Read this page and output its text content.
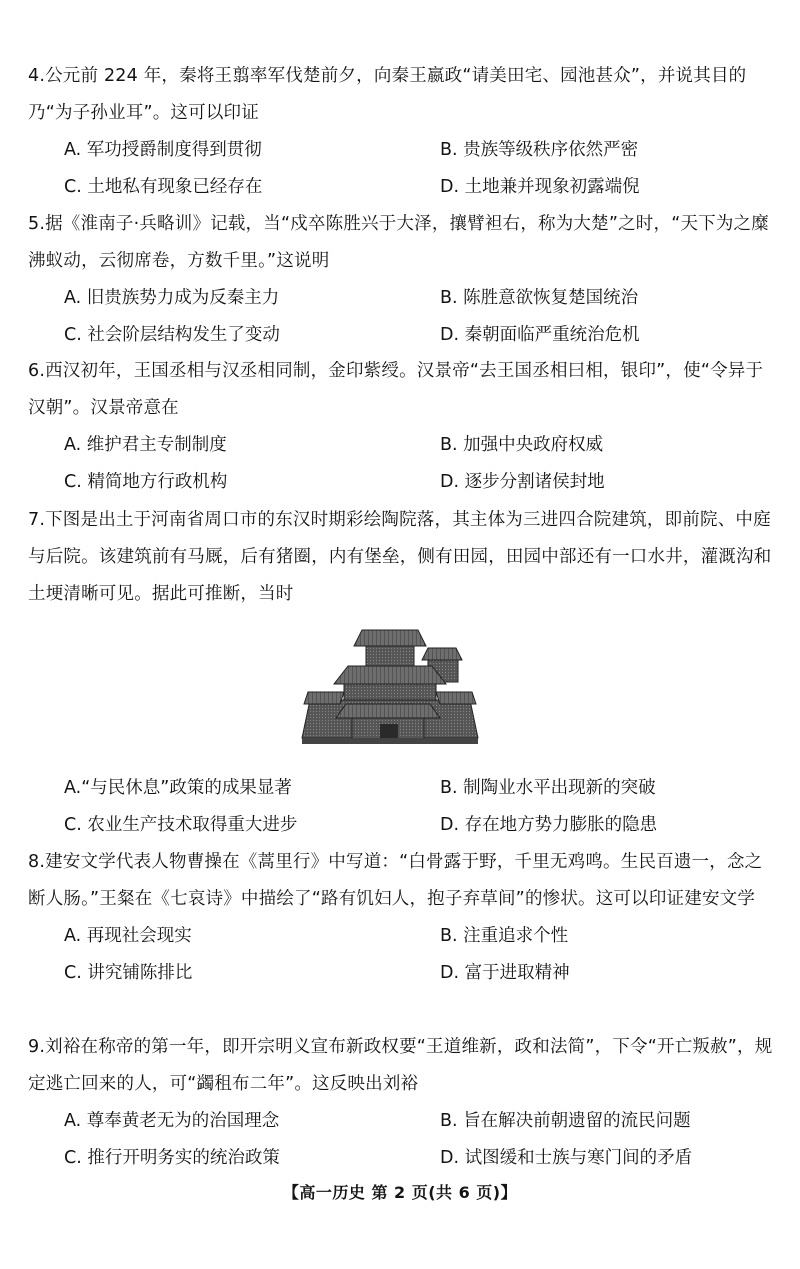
4.公元前 224 年，秦将王翦率军伐楚前夕，向秦王嬴政“请美田宅、园池甚众”，并说其目的乃“为子孙业耳”。这可以印证

A. 军功授爵制度得到贯彻	B. 贵族等级秩序依然严密
C. 土地私有现象已经存在	D. 土地兼并现象初露端倪

5.据《淮南子·兵略训》记载，当“戍卒陈胜兴于大泽，攘臂袒右，称为大楚”之时，“天下为之糜沸蚁动，云彻席卷，方数千里。”这说明

A. 旧贵族势力成为反秦主力	B. 陈胜意欲恢复楚国统治
C. 社会阶层结构发生了变动	D. 秦朝面临严重统治危机

6.西汉初年，王国丞相与汉丞相同制，金印紫绶。汉景帝“去王国丞相曰相，银印”，使“令异于汉朝”。汉景帝意在

A. 维护君主专制制度	B. 加强中央政府权威
C. 精简地方行政机构	D. 逐步分割诸侯封地

7.下图是出土于河南省周口市的东汉时期彩绘陶院落，其主体为三进四合院建筑，即前院、中庭与后院。该建筑前有马厩，后有猪圈，内有堡垒，侧有田园，田园中部还有一口水井，灌溉沟和土埂清晰可见。据此可推断，当时

A.“与民休息”政策的成果显著	B. 制陶业水平出现新的突破
C. 农业生产技术取得重大进步	D. 存在地方势力膨胀的隐患

8.建安文学代表人物曹操在《蒿里行》中写道：“白骨露于野，千里无鸡鸣。生民百遗一，念之断人肠。”王粲在《七哀诗》中描绘了“路有饥妇人，抱子弃草间”的惨状。这可以印证建安文学

A. 再现社会现实	B. 注重追求个性
C. 讲究铺陈排比	D. 富于进取精神

9.刘裕在称帝的第一年，即开宗明义宣布新政权要“王道维新，政和法简”，下令“开亡叛赦”，规定逃亡回来的人，可“蠲租布二年”。这反映出刘裕

A. 尊奉黄老无为的治国理念	B. 旨在解决前朝遗留的流民问题
C. 推行开明务实的统治政策	D. 试图缓和士族与寒门间的矛盾
【高一历史 第 2 页(共 6 页)】
